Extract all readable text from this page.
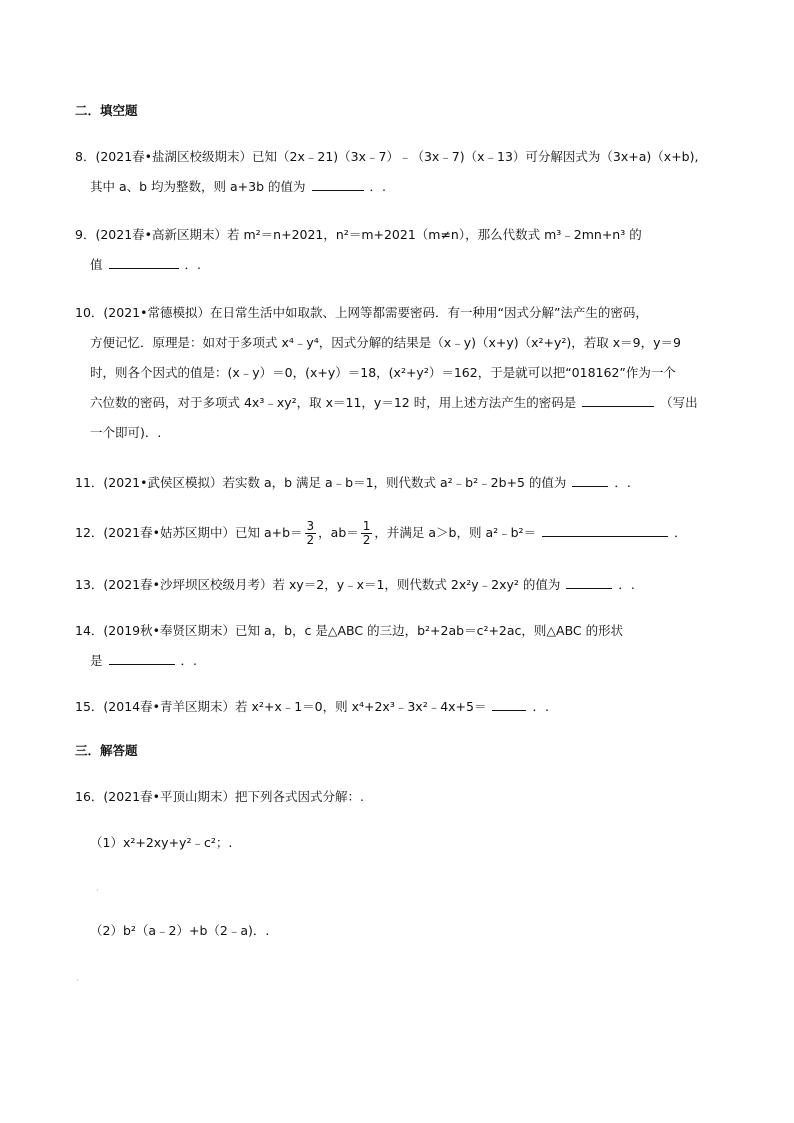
二．填空题
8．(2021春•盐湖区校级期末）已知（2x﹣21)（3x﹣7）﹣（3x﹣7)（x﹣13）可分解因式为（3x+a)（x+b),
其中 a、b 均为整数，则 a+3b 的值为	．.
9．(2021春•高新区期末）若 m²＝n+2021，n²＝m+2021（m≠n），那么代数式 m³﹣2mn+n³ 的
值	．.
10．(2021•常德模拟）在日常生活中如取款、上网等都需要密码．有一种用“因式分解”法产生的密码，
方便记忆．原理是：如对于多项式 x⁴﹣y⁴，因式分解的结果是（x﹣y)（x+y)（x²+y²)，若取 x＝9，y＝9
时，则各个因式的值是：(x﹣y）＝0，(x+y）＝18，(x²+y²）＝162，于是就可以把“018162”作为一个
六位数的密码，对于多项式 4x³﹣xy²，取 x＝11，y＝12 时，用上述方法产生的密码是	（写出
一个即可)．.
11．(2021•武侯区模拟）若实数 a，b 满足 a﹣b＝1，则代数式 a²﹣b²﹣2b+5 的值为	．.
12．(2021春•姑苏区期中）已知 $a+b= \frac{3}{2}$ ，$ab= \frac{1}{2}$ ，并满足 a＞b，则 a²﹣b²＝	．
13．(2021春•沙坪坝区校级月考）若 xy＝2，y﹣x＝1，则代数式 2x²y﹣2xy² 的值为	．.
14．(2019秋•奉贤区期末）已知 a，b，c 是△ABC 的三边，b²+2ab＝c²+2ac，则△ABC 的形状
是	．.
15．(2014春•青羊区期末）若 x²+x﹣1＝0，则 x⁴+2x³﹣3x²﹣4x+5＝	．.
三．解答题
16．(2021春•平顶山期末）把下列各式因式分解：.
（1）x²+2xy+y²﹣c²；.
·
（2）b²（a﹣2）+b（2﹣a)．.
·
